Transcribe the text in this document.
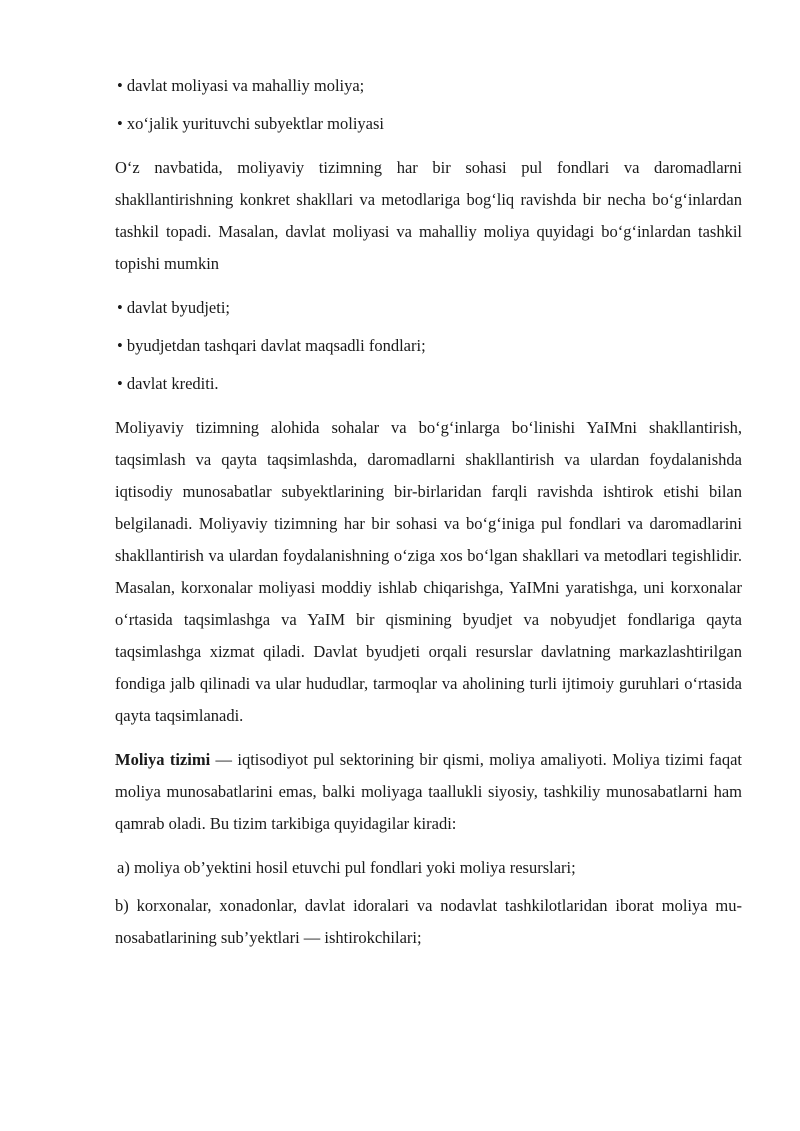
• davlat moliyasi va mahalliy moliya;

• xo‘jalik yurituvchi subyektlar moliyasi

O‘z navbatida, moliyaviy tizimning har bir sohasi pul fondlari va daromadlarni shakllantirishning konkret shakllari va metodlariga bog‘liq ravishda bir necha bo‘g‘inlardan tashkil topadi. Masalan, davlat moliyasi va mahalliy moliya quyidagi bo‘g‘inlardan tashkil topishi mumkin

• davlat byudjeti;

• byudjetdan tashqari davlat maqsadli fondlari;

• davlat krediti.

Moliyaviy tizimning alohida sohalar va bo‘g‘inlarga bo‘linishi YaIMni shakllantirish, taqsimlash va qayta taqsimlashda, daromadlarni shakllantirish va ulardan foydalanishda iqtisodiy munosabatlar subyektlarining bir-birlaridan farqli ravishda ishtirok etishi bilan belgilanadi. Moliyaviy tizimning har bir sohasi va bo‘g‘iniga pul fondlari va daromadlarini shakllantirish va ulardan foydalanishning o‘ziga xos bo‘lgan shakllari va metodlari tegishlidir. Masalan, korxonalar moliyasi moddiy ishlab chiqarishga, YaIMni yaratishga, uni korxonalar o‘rtasida taqsimlashga va YaIM bir qismining byudjet va nobyudjet fondlariga qayta taqsimlashga xizmat qiladi. Davlat byudjeti orqali resurslar davlatning markazlashtirilgan fondiga jalb qilinadi va ular hududlar, tarmoqlar va aholining turli ijtimoiy guruhlari o‘rtasida qayta taqsimlanadi.

Moliya tizimi — iqtisodiyot pul sektorining bir qismi, moliya amaliyoti. Moliya tizimi faqat moliya munosabatlarini emas, balki moliyaga taallukli siyosiy, tashkiliy munosabatlarni ham qamrab oladi. Bu tizim tarkibiga quyidagilar kiradi:

a) moliya ob’yektini hosil etuvchi pul fondlari yoki moliya resurslari;

b) korxonalar, xonadonlar, davlat idoralari va nodavlat tashkilotlaridan iborat moliya mu-nosabatlarining sub’yektlari — ishtirokchilari;
